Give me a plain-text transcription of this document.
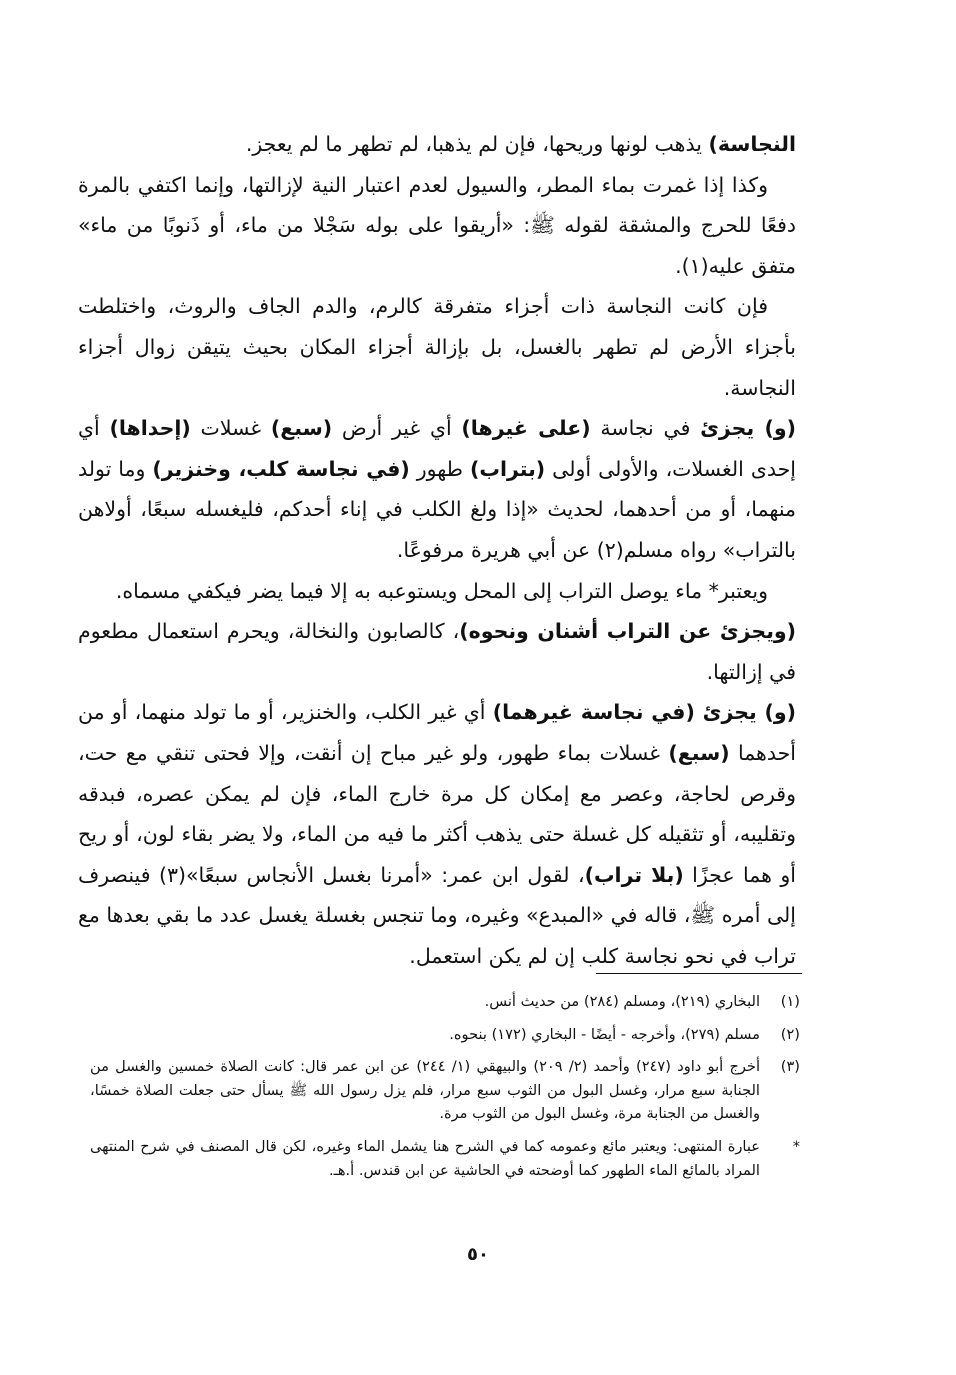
النجاسة) يذهب لونها وريحها، فإن لم يذهبا، لم تطهر ما لم يعجز.

وكذا إذا غمرت بماء المطر، والسيول لعدم اعتبار النية لإزالتها، وإنما اكتفي بالمرة دفعًا للحرج والمشقة لقوله ﷺ: «أريقوا على بوله سَجْلا من ماء، أو ذَنوبًا من ماء» متفق عليه(١).

فإن كانت النجاسة ذات أجزاء متفرقة كالرم، والدم الجاف والروث، واختلطت بأجزاء الأرض لم تطهر بالغسل، بل بإزالة أجزاء المكان بحيث يتيقن زوال أجزاء النجاسة.

(و) يجزئ في نجاسة (على غيرها) أي غير أرض (سبع) غسلات (إحداها) أي إحدى الغسلات، والأولى أولى (بتراب) طهور (في نجاسة كلب، وخنزير) وما تولد منهما، أو من أحدهما، لحديث «إذا ولغ الكلب في إناء أحدكم، فليغسله سبعًا، أولاهن بالتراب» رواه مسلم(٢) عن أبي هريرة مرفوعًا.

ويعتبر* ماء يوصل التراب إلى المحل ويستوعبه به إلا فيما يضر فيكفي مسماه.

(ويجزئ عن التراب أشنان ونحوه)، كالصابون والنخالة، ويحرم استعمال مطعوم في إزالتها.

(و) يجزئ (في نجاسة غيرهما) أي غير الكلب، والخنزير، أو ما تولد منهما، أو من أحدهما (سبع) غسلات بماء طهور، ولو غير مباح إن أنقت، وإلا فحتى تنقي مع حت، وقرص لحاجة، وعصر مع إمكان كل مرة خارج الماء، فإن لم يمكن عصره، فبدقه وتقليبه، أو تثقيله كل غسلة حتى يذهب أكثر ما فيه من الماء، ولا يضر بقاء لون، أو ريح أو هما عجزًا (بلا تراب)، لقول ابن عمر: «أمرنا بغسل الأنجاس سبعًا»(٣) فينصرف إلى أمره ﷺ، قاله في «المبدع» وغيره، وما تنجس بغسلة يغسل عدد ما بقي بعدها مع تراب في نحو نجاسة كلب إن لم يكن استعمل.

(١)
البخاري (٢١٩)، ومسلم (٢٨٤) من حديث أنس.
(٢)
مسلم (٢٧٩)، وأخرجه - أيضًا - البخاري (١٧٢) بنحوه.
(٣)
أخرج أبو داود (٢٤٧) وأحمد (٢/ ٢٠٩) والبيهقي (١/ ٢٤٤) عن ابن عمر قال: كانت الصلاة خمسين والغسل من الجنابة سبع مرار، وغسل البول من الثوب سبع مرار، فلم يزل رسول الله ﷺ يسأل حتى جعلت الصلاة خمسًا، والغسل من الجنابة مرة، وغسل البول من الثوب مرة.
*
عبارة المنتهى: ويعتبر مائع وعمومه كما في الشرح هنا يشمل الماء وغيره، لكن قال المصنف في شرح المنتهى المراد بالمائع الماء الطهور كما أوضحته في الحاشية عن ابن قندس. أ.هـ.
٥٠
